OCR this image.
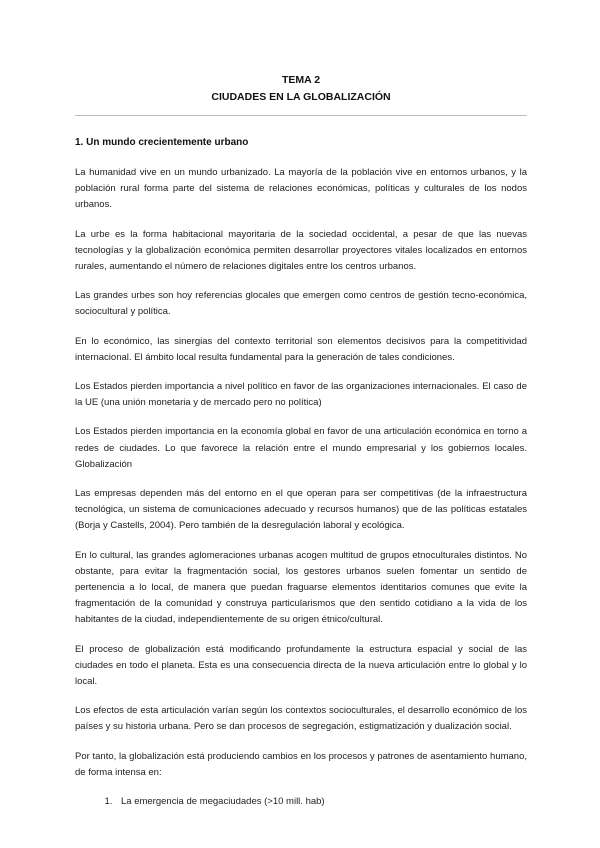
TEMA 2
CIUDADES EN LA GLOBALIZACIÓN
1. Un mundo crecientemente urbano

La humanidad vive en un mundo urbanizado. La mayoría de la población vive en entornos urbanos, y la población rural forma parte del sistema de relaciones económicas, políticas y culturales de los nodos urbanos.

La urbe es la forma habitacional mayoritaria de la sociedad occidental, a pesar de que las nuevas tecnologías y la globalización económica permiten desarrollar proyectores vitales localizados en entornos rurales, aumentando el número de relaciones digitales entre los centros urbanos.

Las grandes urbes son hoy referencias glocales que emergen como centros de gestión tecno-económica, sociocultural y política.

En lo económico, las sinergias del contexto territorial son elementos decisivos para la competitividad internacional. El ámbito local resulta fundamental para la generación de tales condiciones.

Los Estados pierden importancia a nivel político en favor de las organizaciones internacionales. El caso de la UE (una unión monetaria y de mercado pero no política)

Los Estados pierden importancia en la economía global en favor de una articulación económica en torno a redes de ciudades. Lo que favorece la relación entre el mundo empresarial y los gobiernos locales. Globalización

Las empresas dependen más del entorno en el que operan para ser competitivas (de la infraestructura tecnológica, un sistema de comunicaciones adecuado y recursos humanos) que de las políticas estatales (Borja y Castells, 2004). Pero también de la desregulación laboral y ecológica.

En lo cultural, las grandes aglomeraciones urbanas acogen multitud de grupos etnoculturales distintos. No obstante, para evitar la fragmentación social, los gestores urbanos suelen fomentar un sentido de pertenencia a lo local, de manera que puedan fraguarse elementos identitarios comunes que evite la fragmentación de la comunidad y construya particularismos que den sentido cotidiano a la vida de los habitantes de la ciudad, independientemente de su origen étnico/cultural.

El proceso de globalización está modificando profundamente la estructura espacial y social de las ciudades en todo el planeta. Esta es una consecuencia directa de la nueva articulación entre lo global y lo local.

Los efectos de esta articulación varían según los contextos socioculturales, el desarrollo económico de los países y su historia urbana. Pero se dan procesos de segregación, estigmatización y dualización social.

Por tanto, la globalización está produciendo cambios en los procesos y patrones de asentamiento humano, de forma intensa en:

1. La emergencia de megaciudades (>10 mill. hab)
